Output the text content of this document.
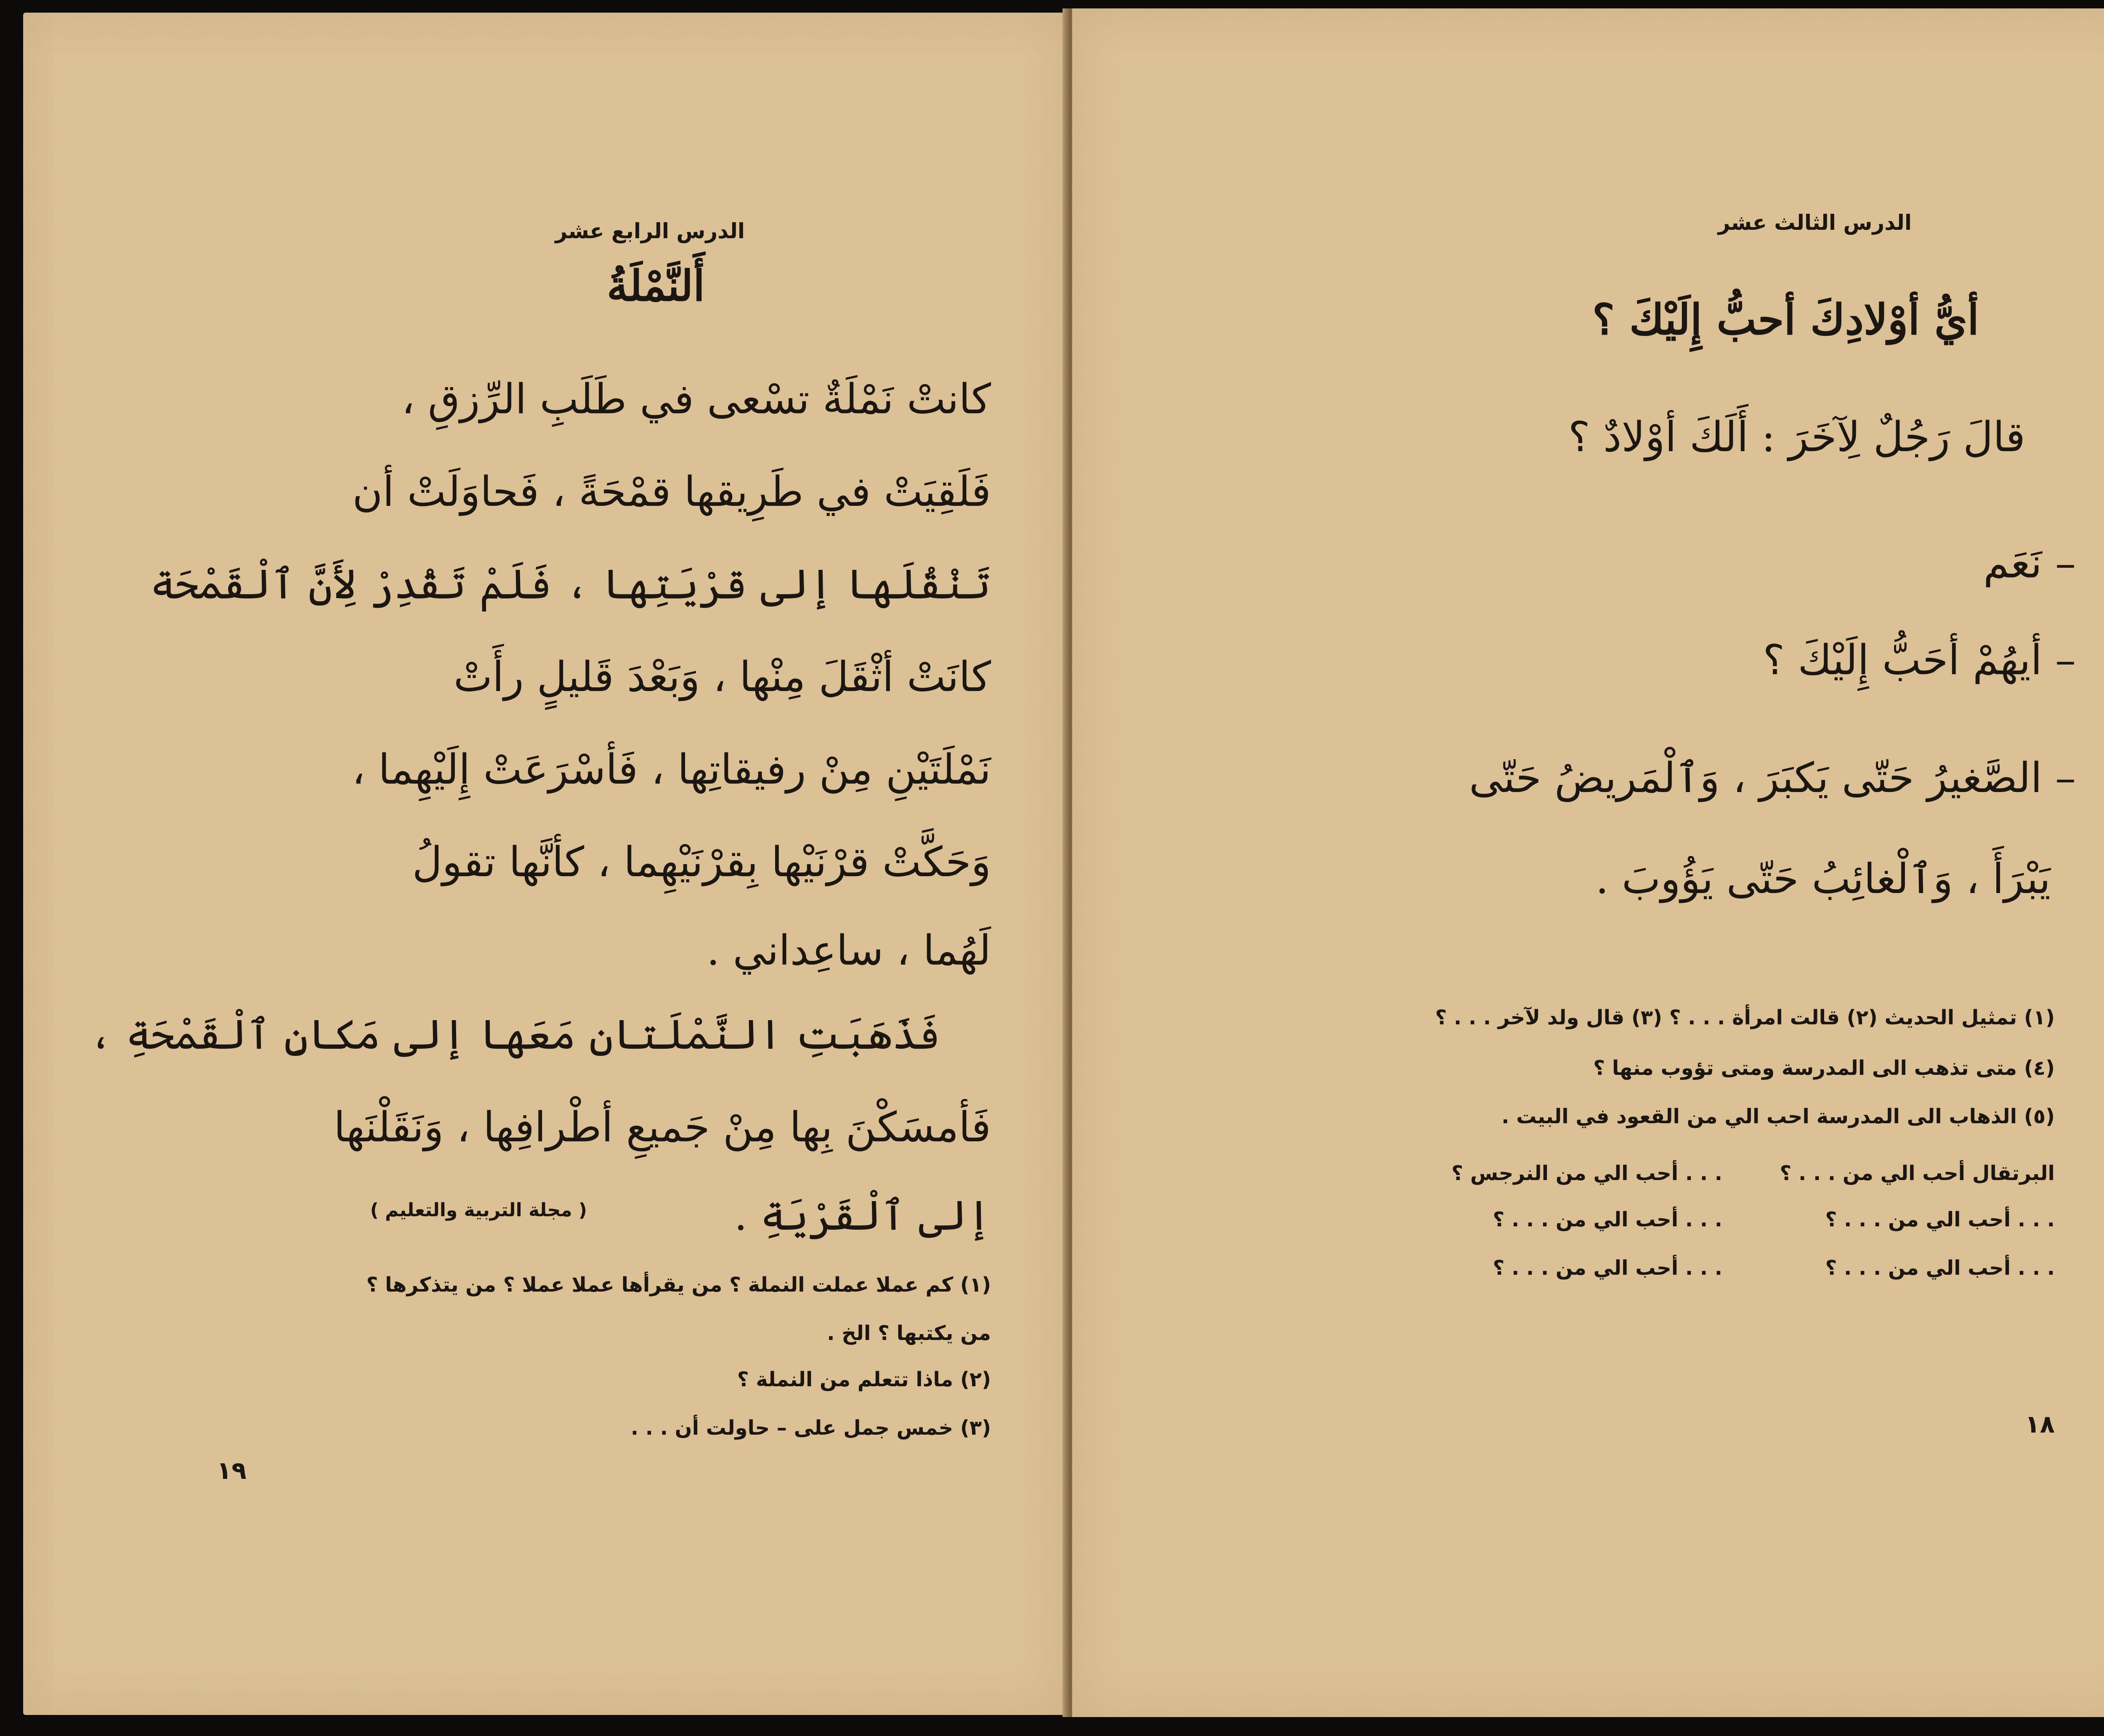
الدرس الرابع عشر
أَلنَّمْلَةُ
كانتْ نَمْلَةٌ تسْعى في طَلَبِ الرِّزقِ ،
فَلَقِيَتْ في طَرِيقها قمْحَةً ، فَحاوَلَتْ أن
تَنْقُلَها إلى قرْيَتِها ، فَلَمْ تَقْدِرْ لِأَنَّ ٱلْقَمْحَة
كانَتْ أثْقَلَ مِنْها ، وَبَعْدَ قَليلٍ رأَتْ
نَمْلَتَيْنِ مِنْ رفيقاتِها ، فَأسْرَعَتْ إِلَيْهِما ،
وَحَكَّتْ قرْنَيْها بِقرْنَيْهِما ، كأنَّها تقولُ
لَهُما ، ساعِداني .
فَذَهَبَتِ النَّمْلَتان مَعَها إلى مَكانِ ٱلْقَمْحَةِ ،
فَأمسَكْنَ بِها مِنْ جَميعِ أطْرافِها ، وَنَقَلْنَها
إلى ٱلْقَرْيَةِ .
( مجلة التربية والتعليم )
(١) كم عملا عملت النملة ؟ من يقرأها عملا عملا ؟ من يتذكرها ؟
من يكتبها ؟ الخ .
(٢) ماذا تتعلم من النملة ؟
(٣) خمس جمل على – حاولت أن . . .
١٩
الدرس الثالث عشر
أيُّ أوْلادِكَ أحبُّ إِلَيْكَ ؟
قالَ رَجُلٌ لِآخَرَ : أَلَكَ أوْلادٌ ؟
– نَعَم
– أيهُمْ أحَبُّ إِلَيْكَ ؟
– الصَّغيرُ حَتّى يَكبَرَ ، وَٱلْمَريضُ حَتّى
يَبْرَأَ ، وَٱلْغائِبُ حَتّى يَؤُوبَ .
(١) تمثيل الحديث (٢) قالت امرأة . . . ؟ (٣) قال ولد لآخر . . . ؟
(٤) متى تذهب الى المدرسة ومتى تؤوب منها ؟
(٥) الذهاب الى المدرسة احب الي من القعود في البيت .
البرتقال أحب الي من . . . ؟
. . . أحب الي من النرجس ؟
. . . أحب الي من . . . ؟
. . . أحب الي من . . . ؟
. . . أحب الي من . . . ؟
. . . أحب الي من . . . ؟
١٨
